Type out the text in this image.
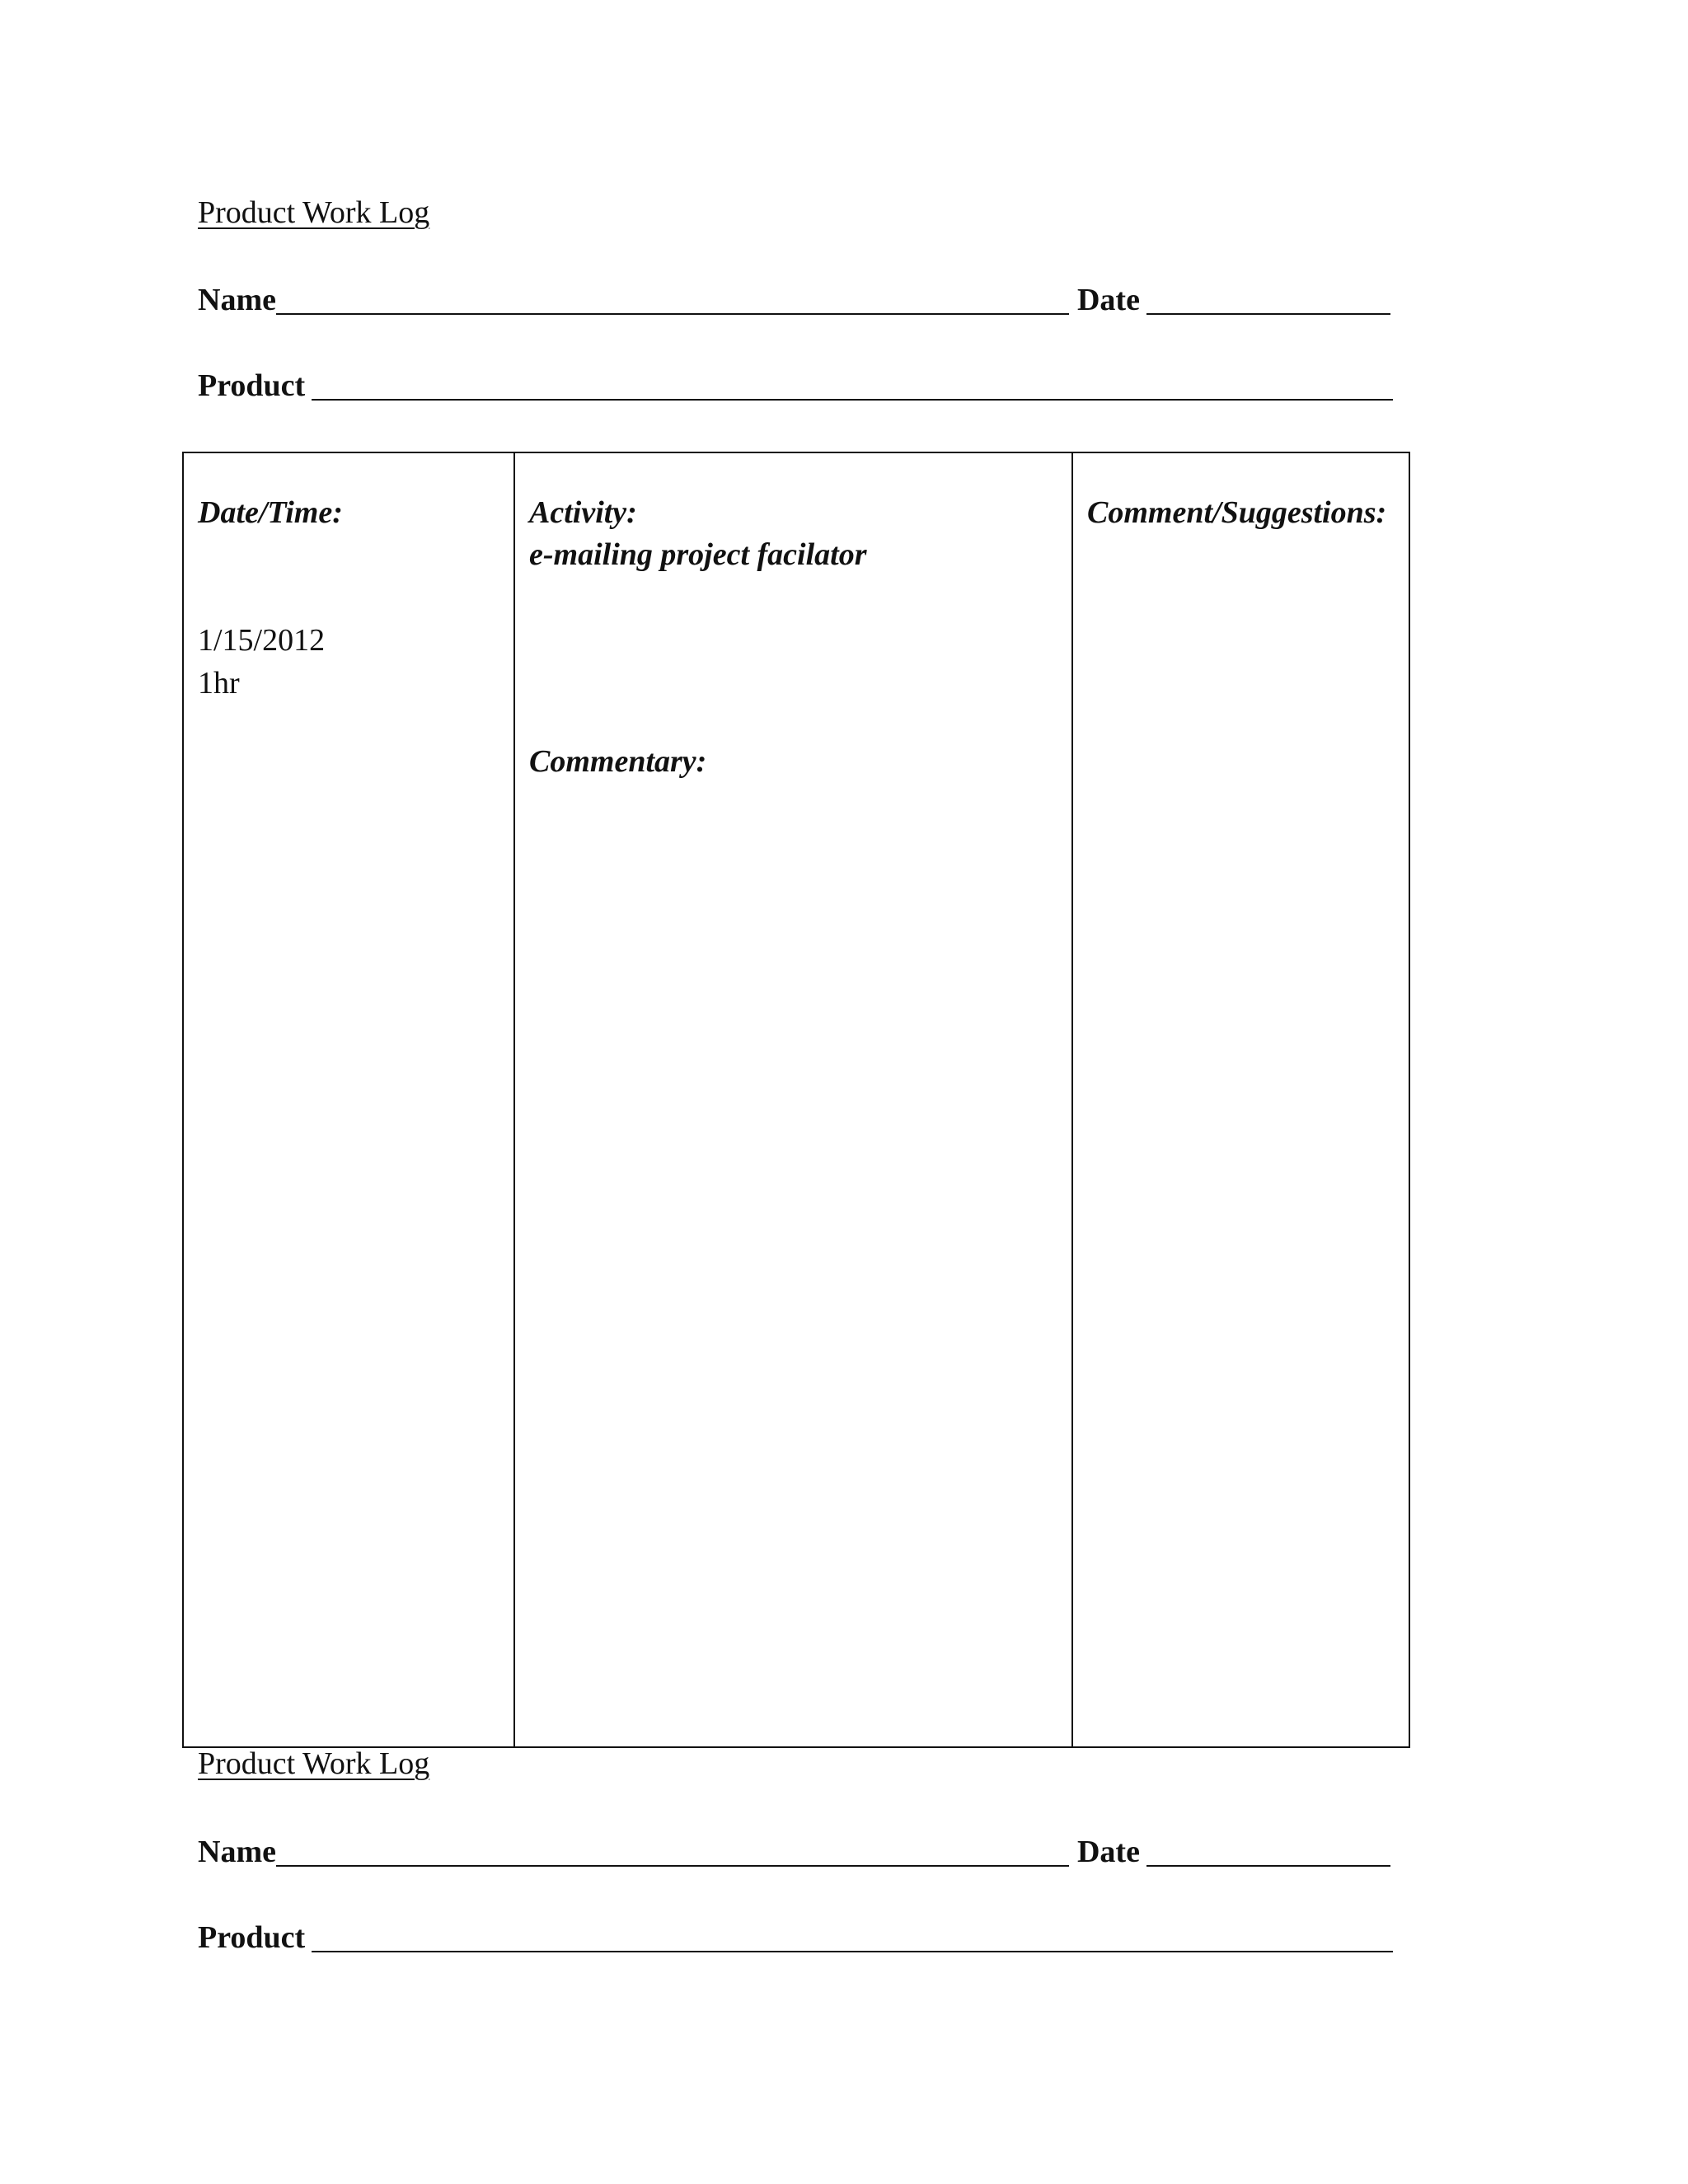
Product Work Log
Name	Date
Product
Date/Time:
1/15/2012
1hr
Activity:
e-mailing project facilator
Commentary:
Comment/Suggestions:
Product Work Log
Name	Date
Product
